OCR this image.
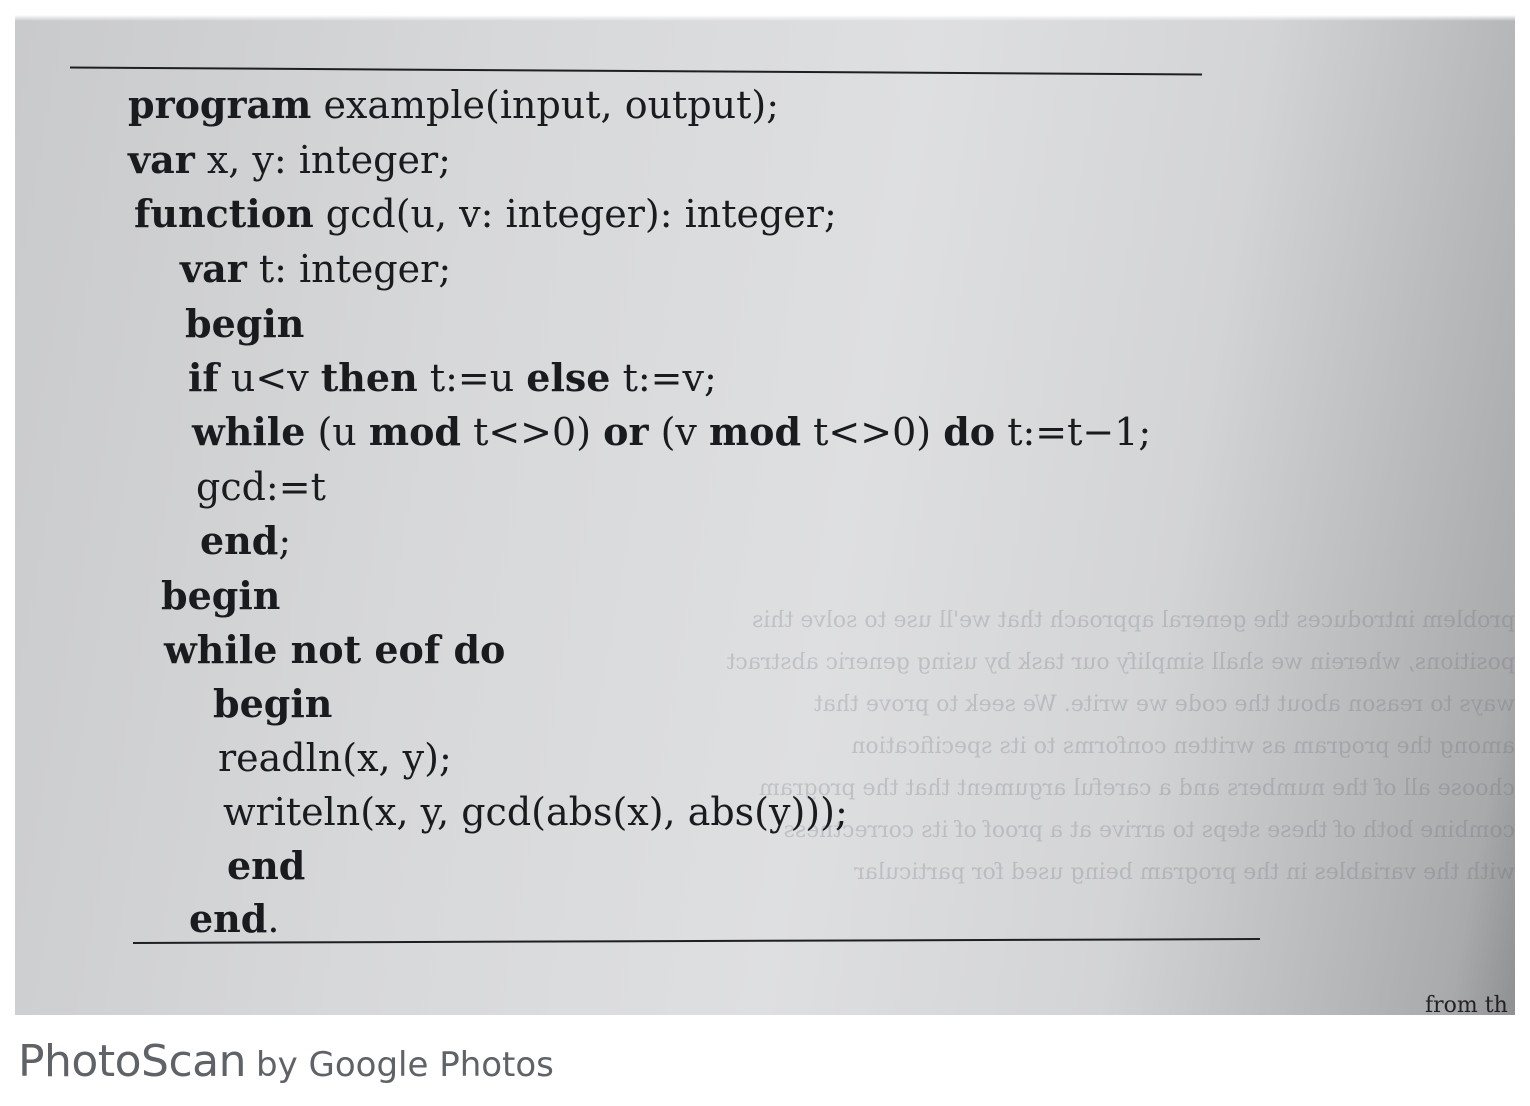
problem introduces the general approach that we'll use to solve this
positions, wherein we shall simplify our task by using generic abstract
ways to reason about the code we write. We seek to prove that
among the program as written conforms to its specification
choose all of the numbers and a careful argument that the program
combine both of these steps to arrive at a proof of its correctness
with the variables in the program being used for particular
program example(input, output);
var x, y: integer;
function gcd(u, v: integer): integer;
var t: integer;
begin
if u<v then t:=u else t:=v;
while (u mod t<>0) or (v mod t<>0) do t:=t−1;
gcd:=t
end;
begin
while not eof do
begin
readln(x, y);
writeln(x, y, gcd(abs(x), abs(y)));
end
end.
from th
PhotoScan by Google Photos
